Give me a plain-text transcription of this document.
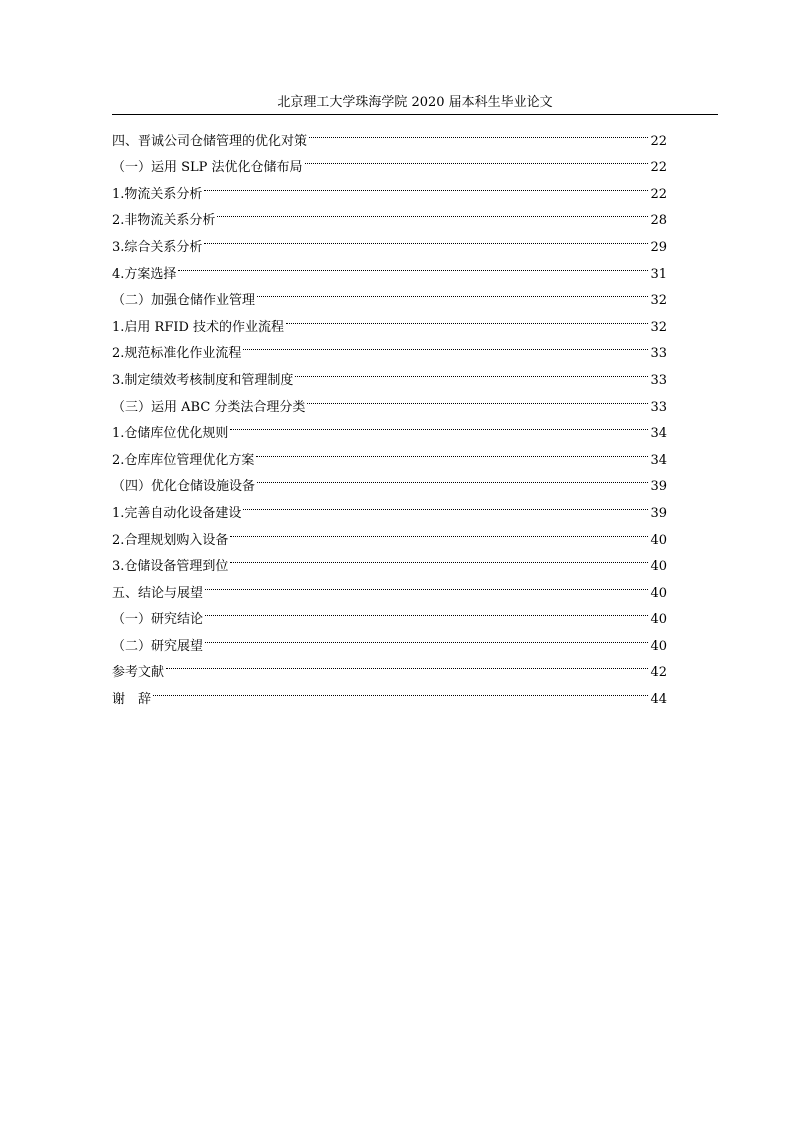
北京理工大学珠海学院 2020 届本科生毕业论文
四、晋诚公司仓储管理的优化对策	22
（一）运用 SLP 法优化仓储布局	22
1.物流关系分析	22
2.非物流关系分析	28
3.综合关系分析	29
4.方案选择	31
（二）加强仓储作业管理	32
1.启用 RFID 技术的作业流程	32
2.规范标准化作业流程	33
3.制定绩效考核制度和管理制度	33
（三）运用 ABC 分类法合理分类	33
1.仓储库位优化规则	34
2.仓库库位管理优化方案	34
（四）优化仓储设施设备	39
1.完善自动化设备建设	39
2.合理规划购入设备	40
3.仓储设备管理到位	40
五、结论与展望	40
（一）研究结论	40
（二）研究展望	40
参考文献	42
谢　辞	44
